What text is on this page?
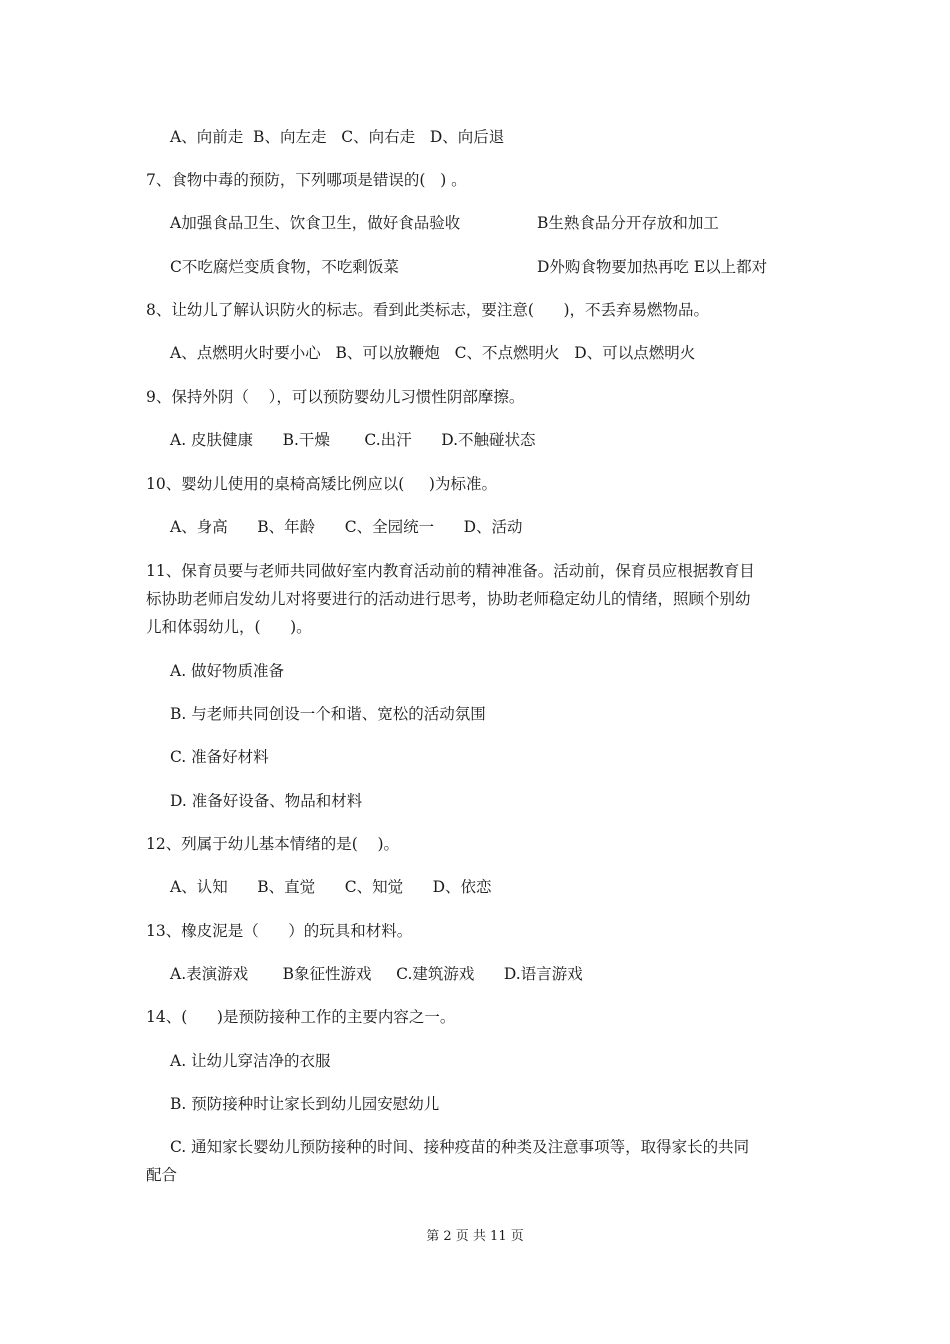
A、向前走  B、向左走   C、向右走   D、向后退
7、食物中毒的预防，下列哪项是错误的(   ) 。
A加强食品卫生、饮食卫生，做好食品验收	B生熟食品分开存放和加工
C不吃腐烂变质食物，不吃剩饭菜	D外购食物要加热再吃 E以上都对
8、让幼儿了解认识防火的标志。看到此类标志，要注意(      )，不丢弃易燃物品。
A、点燃明火时要小心   B、可以放鞭炮   C、不点燃明火   D、可以点燃明火
9、保持外阴（    ），可以预防婴幼儿习惯性阴部摩擦。
A. 皮肤健康      B.干燥       C.出汗      D.不触碰状态
10、婴幼儿使用的桌椅高矮比例应以(     )为标准。
A、身高      B、年龄      C、全园统一      D、活动
11、保育员要与老师共同做好室内教育活动前的精神准备。活动前，保育员应根据教育目
标协助老师启发幼儿对将要进行的活动进行思考，协助老师稳定幼儿的情绪，照顾个别幼
儿和体弱幼儿，(      )。
A. 做好物质准备
B. 与老师共同创设一个和谐、宽松的活动氛围
C. 准备好材料
D. 准备好设备、物品和材料
12、列属于幼儿基本情绪的是(    )。
A、认知      B、直觉      C、知觉      D、依恋
13、橡皮泥是（      ）的玩具和材料。
A.表演游戏       B象征性游戏     C.建筑游戏      D.语言游戏
14、(      )是预防接种工作的主要内容之一。
A. 让幼儿穿洁净的衣服
B. 预防接种时让家长到幼儿园安慰幼儿
C. 通知家长婴幼儿预防接种的时间、接种疫苗的种类及注意事项等，取得家长的共同
配合
第 2 页 共 11 页
